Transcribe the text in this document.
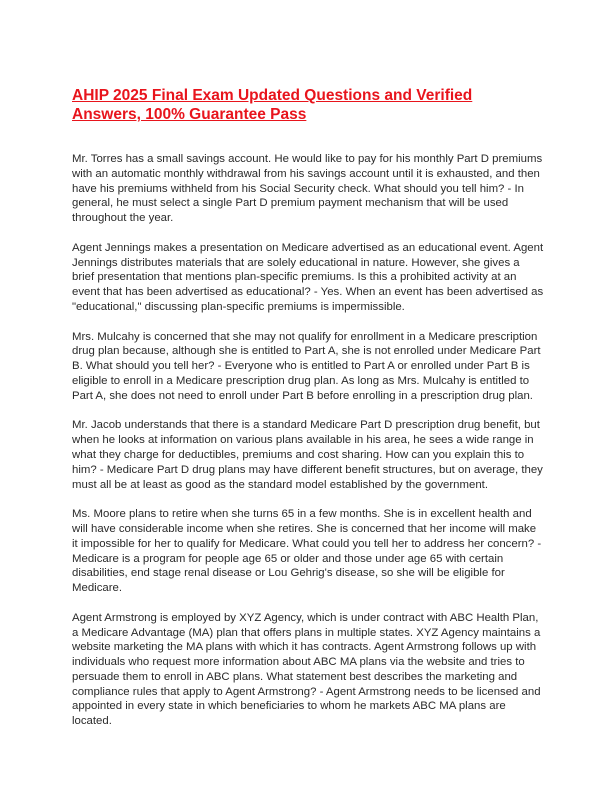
AHIP 2025 Final Exam Updated Questions and Verified Answers, 100% Guarantee Pass

Mr. Torres has a small savings account. He would like to pay for his monthly Part D premiums with an automatic monthly withdrawal from his savings account until it is exhausted, and then have his premiums withheld from his Social Security check. What should you tell him? - In general, he must select a single Part D premium payment mechanism that will be used throughout the year.

Agent Jennings makes a presentation on Medicare advertised as an educational event. Agent Jennings distributes materials that are solely educational in nature. However, she gives a brief presentation that mentions plan-specific premiums. Is this a prohibited activity at an event that has been advertised as educational? - Yes. When an event has been advertised as "educational," discussing plan-specific premiums is impermissible.

Mrs. Mulcahy is concerned that she may not qualify for enrollment in a Medicare prescription drug plan because, although she is entitled to Part A, she is not enrolled under Medicare Part B. What should you tell her? - Everyone who is entitled to Part A or enrolled under Part B is eligible to enroll in a Medicare prescription drug plan. As long as Mrs. Mulcahy is entitled to Part A, she does not need to enroll under Part B before enrolling in a prescription drug plan.

Mr. Jacob understands that there is a standard Medicare Part D prescription drug benefit, but when he looks at information on various plans available in his area, he sees a wide range in what they charge for deductibles, premiums and cost sharing. How can you explain this to him? - Medicare Part D drug plans may have different benefit structures, but on average, they must all be at least as good as the standard model established by the government.

Ms. Moore plans to retire when she turns 65 in a few months. She is in excellent health and will have considerable income when she retires. She is concerned that her income will make it impossible for her to qualify for Medicare. What could you tell her to address her concern? - Medicare is a program for people age 65 or older and those under age 65 with certain disabilities, end stage renal disease or Lou Gehrig's disease, so she will be eligible for Medicare.

Agent Armstrong is employed by XYZ Agency, which is under contract with ABC Health Plan, a Medicare Advantage (MA) plan that offers plans in multiple states. XYZ Agency maintains a website marketing the MA plans with which it has contracts. Agent Armstrong follows up with individuals who request more information about ABC MA plans via the website and tries to persuade them to enroll in ABC plans. What statement best describes the marketing and compliance rules that apply to Agent Armstrong? - Agent Armstrong needs to be licensed and appointed in every state in which beneficiaries to whom he markets ABC MA plans are located.
